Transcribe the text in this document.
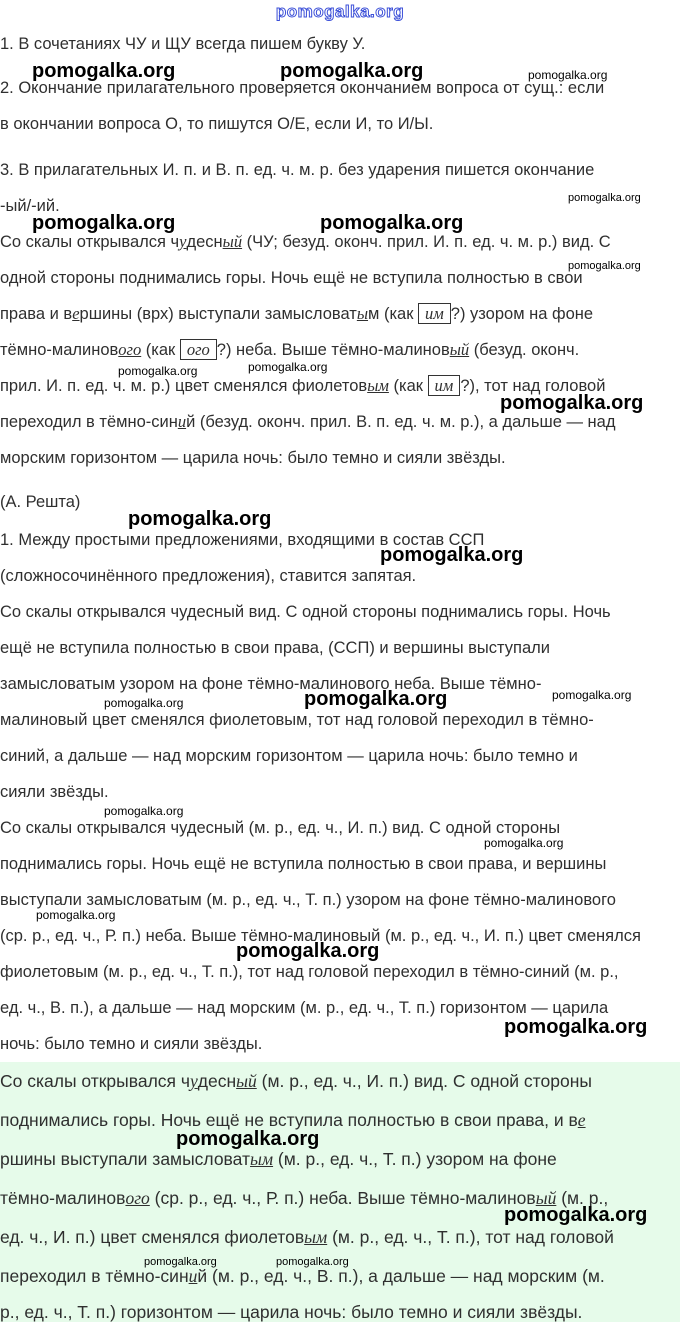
pomogalka.org
1. В сочетаниях ЧУ и ЩУ всегда пишем букву У.
2. Окончание прилагательного проверяется окончанием вопроса от сущ.: если
в окончании вопроса О, то пишутся О/Е, если И, то И/Ы.
3. В прилагательных И. п. и В. п. ед. ч. м. р. без ударения пишется окончание
-ый/-ий.
Со скалы открывался чудесный (ЧУ; безуд. оконч. прил. И. п. ед. ч. м. р.) вид. С
одной стороны поднимались горы. Ночь ещё не вступила полностью в свои
права и вершины (врх) выступали замысловатым (как им ?) узором на фоне
тёмно-малинового (как ого ?) неба. Выше тёмно-малиновый (безуд. оконч.
прил. И. п. ед. ч. м. р.) цвет сменялся фиолетовым (как им ?), тот над головой
переходил в тёмно-синий (безуд. оконч. прил. В. п. ед. ч. м. р.), а дальше — над
морским горизонтом — царила ночь: было темно и сияли звёзды.
(А. Решта)
1. Между простыми предложениями, входящими в состав ССП
(сложносочинённого предложения), ставится запятая.
Со скалы открывался чудесный вид. С одной стороны поднимались горы. Ночь
ещё не вступила полностью в свои права, (ССП) и вершины выступали
замысловатым узором на фоне тёмно-малинового неба. Выше тёмно-
малиновый цвет сменялся фиолетовым, тот над головой переходил в тёмно-
синий, а дальше — над морским горизонтом — царила ночь: было темно и
сияли звёзды.
Со скалы открывался чудесный (м. р., ед. ч., И. п.) вид. С одной стороны
поднимались горы. Ночь ещё не вступила полностью в свои права, и вершины
выступали замысловатым (м. р., ед. ч., Т. п.) узором на фоне тёмно-малинового
(ср. р., ед. ч., Р. п.) неба. Выше тёмно-малиновый (м. р., ед. ч., И. п.) цвет сменялся
фиолетовым (м. р., ед. ч., Т. п.), тот над головой переходил в тёмно-синий (м. р.,
ед. ч., В. п.), а дальше — над морским (м. р., ед. ч., Т. п.) горизонтом — царила
ночь: было темно и сияли звёзды.
Со скалы открывался чудесный (м. р., ед. ч., И. п.) вид. С одной стороны
поднимались горы. Ночь ещё не вступила полностью в свои права, и ве
ршины выступали замысловатым (м. р., ед. ч., Т. п.) узором на фоне
тёмно-малинового (ср. р., ед. ч., Р. п.) неба. Выше тёмно-малиновый (м. р.,
ед. ч., И. п.) цвет сменялся фиолетовым (м. р., ед. ч., Т. п.), тот над головой
переходил в тёмно-синий (м. р., ед. ч., В. п.), а дальше — над морским (м.
р., ед. ч., Т. п.) горизонтом — царила ночь: было темно и сияли звёзды.
pomogalka.org	pomogalka.org	pomogalka.org
pomogalka.org
pomogalka.org	pomogalka.org
pomogalka.org
pomogalka.org
pomogalka.org
pomogalka.org
pomogalka.org
pomogalka.org
pomogalka.org	pomogalka.org
pomogalka.org
pomogalka.org
pomogalka.org
pomogalka.org
pomogalka.org
pomogalka.org
pomogalka.org
pomogalka.org
pomogalka.org	pomogalka.org
